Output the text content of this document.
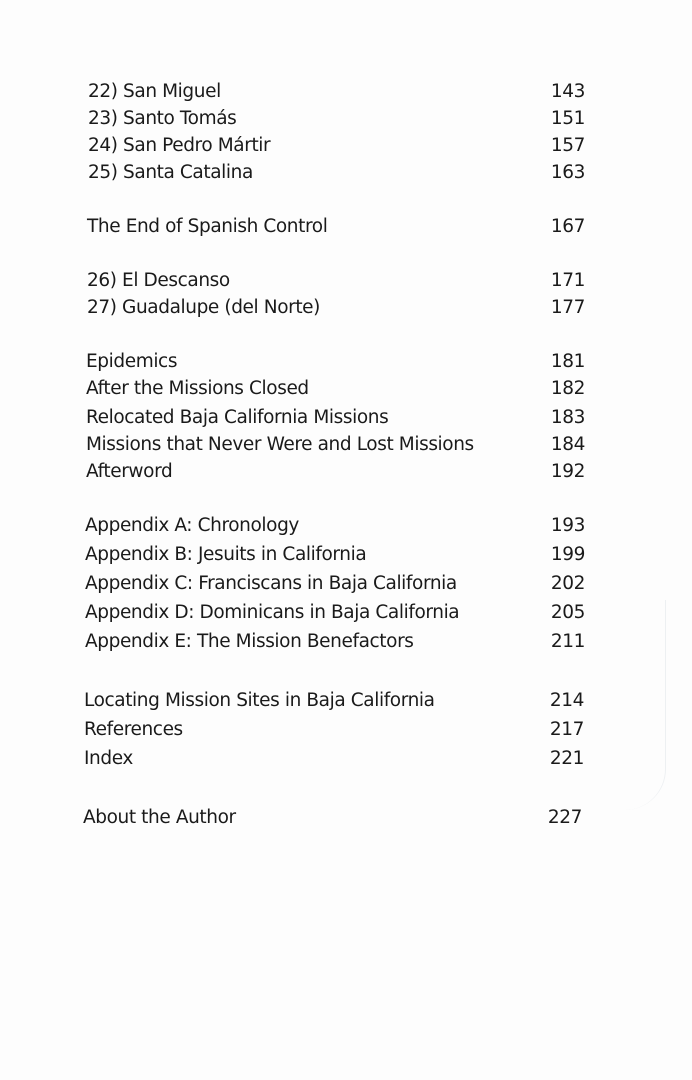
22) San Miguel	143
23) Santo Tomás	151
24) San Pedro Mártir	157
25) Santa Catalina	163
The End of Spanish Control	167
26) El Descanso	171
27) Guadalupe (del Norte)	177
Epidemics	181
After the Missions Closed	182
Relocated Baja California Missions	183
Missions that Never Were and Lost Missions	184
Afterword	192
Appendix A: Chronology	193
Appendix B: Jesuits in California	199
Appendix C: Franciscans in Baja California	202
Appendix D: Dominicans in Baja California	205
Appendix E: The Mission Benefactors	211
Locating Mission Sites in Baja California	214
References	217
Index	221
About the Author	227
